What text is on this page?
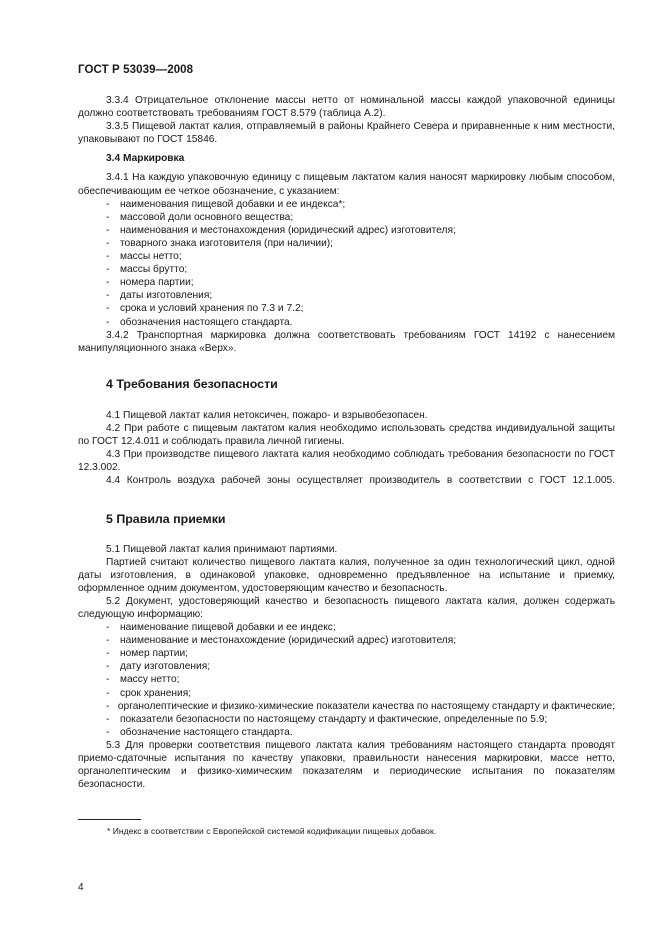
ГОСТ Р 53039—2008

3.3.4 Отрицательное отклонение массы нетто от номинальной массы каждой упаковочной единицы должно соответствовать требованиям ГОСТ 8.579 (таблица А.2).

3.3.5 Пищевой лактат калия, отправляемый в районы Крайнего Севера и приравненные к ним местности, упаковывают по ГОСТ 15846.

3.4 Маркировка

3.4.1 На каждую упаковочную единицу с пищевым лактатом калия наносят маркировку любым способом, обеспечивающим ее четкое обозначение, с указанием:

- наименования пищевой добавки и ее индекса*;
- массовой доли основного вещества;
- наименования и местонахождения (юридический адрес) изготовителя;
- товарного знака изготовителя (при наличии);
- массы нетто;
- массы брутто;
- номера партии;
- даты изготовления;
- срока и условий хранения по 7.3 и 7.2;
- обозначения настоящего стандарта.

3.4.2 Транспортная маркировка должна соответствовать требованиям ГОСТ 14192 с нанесением манипуляционного знака «Верх».

4 Требования безопасности

4.1 Пищевой лактат калия нетоксичен, пожаро- и взрывобезопасен.

4.2 При работе с пищевым лактатом калия необходимо использовать средства индивидуальной защиты по ГОСТ 12.4.011 и соблюдать правила личной гигиены.

4.3 При производстве пищевого лактата калия необходимо соблюдать требования безопасности по ГОСТ 12.3.002.

4.4 Контроль воздуха рабочей зоны осуществляет производитель в соответствии с ГОСТ 12.1.005.

5 Правила приемки

5.1 Пищевой лактат калия принимают партиями.

Партией считают количество пищевого лактата калия, полученное за один технологический цикл, одной даты изготовления, в одинаковой упаковке, одновременно предъявленное на испытание и приемку, оформленное одним документом, удостоверяющим качество и безопасность.

5.2 Документ, удостоверяющий качество и безопасность пищевого лактата калия, должен содержать следующую информацию:

- наименование пищевой добавки и ее индекс;
- наименование и местонахождение (юридический адрес) изготовителя;
- номер партии;
- дату изготовления;
- массу нетто;
- срок хранения;

-   органолептические и физико-химические показатели качества по настоящему стандарту и фактические;

- показатели безопасности по настоящему стандарту и фактические, определенные по 5.9;
- обозначение настоящего стандарта.

5.3 Для проверки соответствия пищевого лактата калия требованиям настоящего стандарта проводят приемо-сдаточные испытания по качеству упаковки, правильности нанесения маркировки, массе нетто, органолептическим и физико-химическим показателям и периодические испытания по показателям безопасности.

* Индекс в соответствии с Европейской системой кодификации пищевых добавок.
4
